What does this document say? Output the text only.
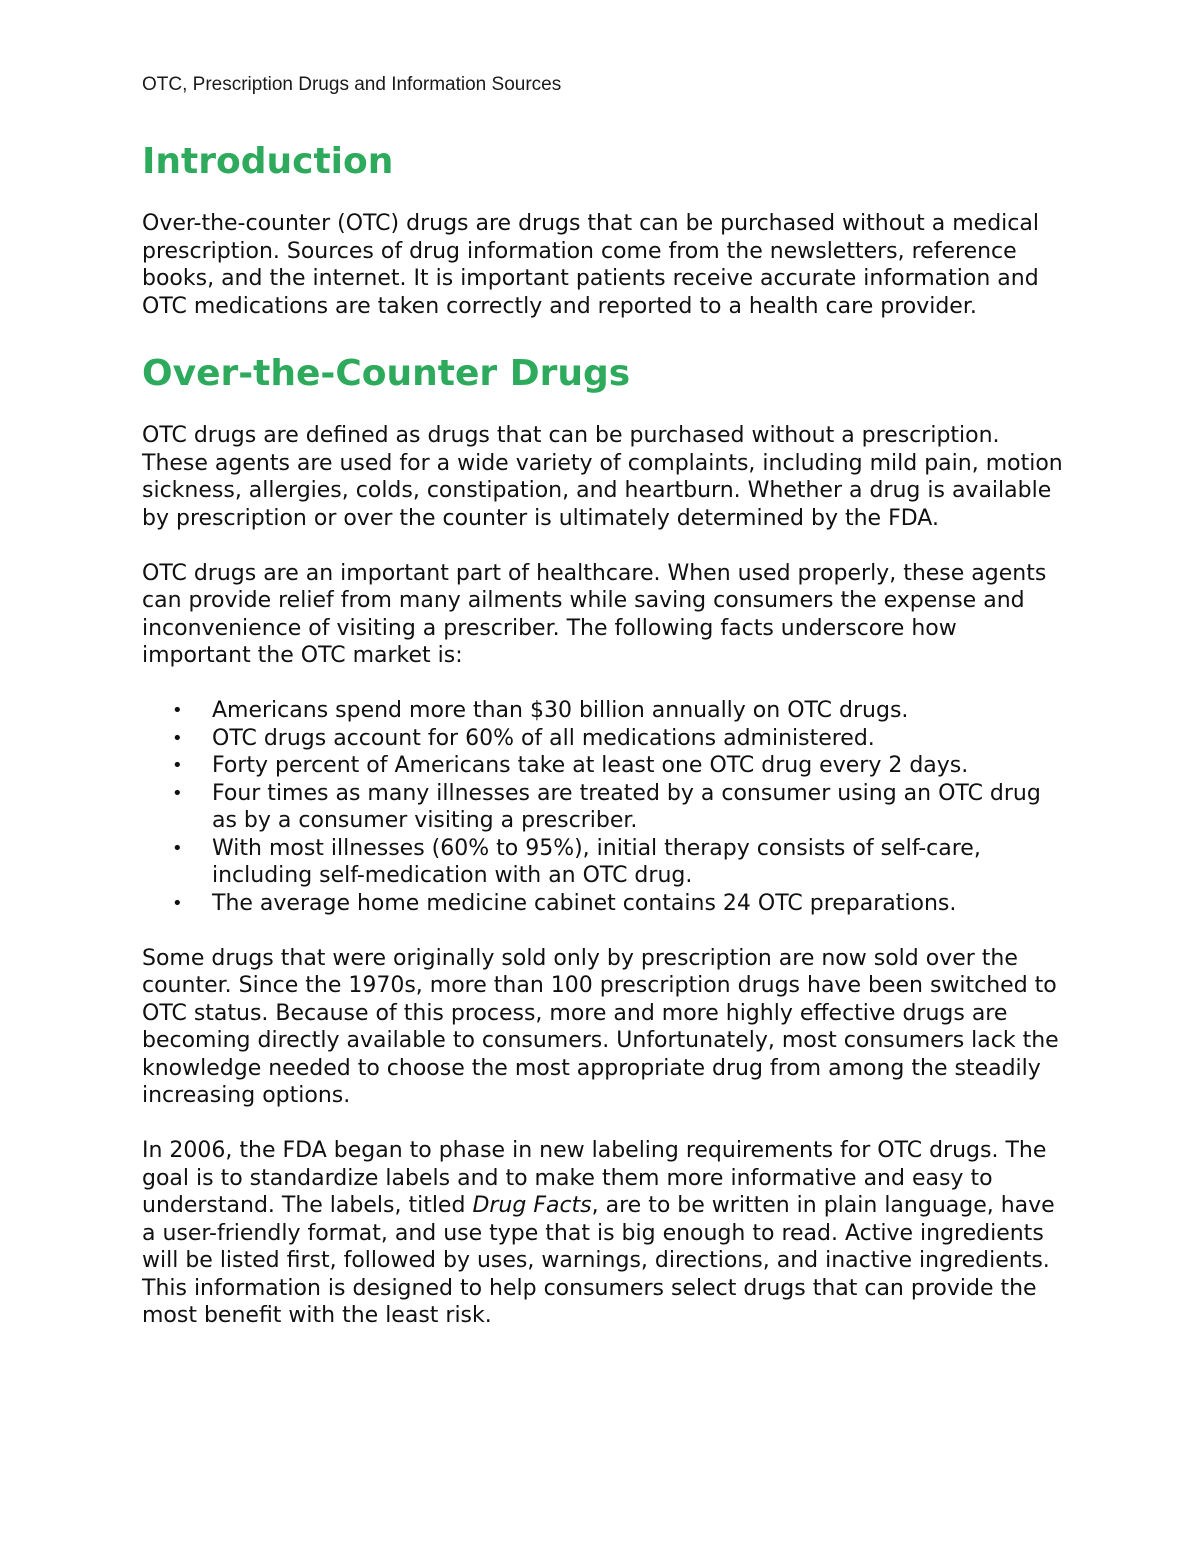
OTC, Prescription Drugs and Information Sources

Introduction

Over-the-counter (OTC) drugs are drugs that can be purchased without a medical prescription. Sources of drug information come from the newsletters, reference books, and the internet. It is important patients receive accurate information and OTC medications are taken correctly and reported to a health care provider.

Over-the-Counter Drugs

OTC drugs are defined as drugs that can be purchased without a prescription. These agents are used for a wide variety of complaints, including mild pain, motion sickness, allergies, colds, constipation, and heartburn. Whether a drug is available by prescription or over the counter is ultimately determined by the FDA.

OTC drugs are an important part of healthcare. When used properly, these agents can provide relief from many ailments while saving consumers the expense and inconvenience of visiting a prescriber. The following facts underscore how important the OTC market is:

• Americans spend more than $30 billion annually on OTC drugs.
• OTC drugs account for 60% of all medications administered.
• Forty percent of Americans take at least one OTC drug every 2 days.
• Four times as many illnesses are treated by a consumer using an OTC drug as by a consumer visiting a prescriber.
• With most illnesses (60% to 95%), initial therapy consists of self-care, including self-medication with an OTC drug.
• The average home medicine cabinet contains 24 OTC preparations.

Some drugs that were originally sold only by prescription are now sold over the counter. Since the 1970s, more than 100 prescription drugs have been switched to OTC status. Because of this process, more and more highly effective drugs are becoming directly available to consumers. Unfortunately, most consumers lack the knowledge needed to choose the most appropriate drug from among the steadily increasing options.

In 2006, the FDA began to phase in new labeling requirements for OTC drugs. The goal is to standardize labels and to make them more informative and easy to understand. The labels, titled Drug Facts, are to be written in plain language, have a user-friendly format, and use type that is big enough to read. Active ingredients will be listed first, followed by uses, warnings, directions, and inactive ingredients. This information is designed to help consumers select drugs that can provide the most benefit with the least risk.
